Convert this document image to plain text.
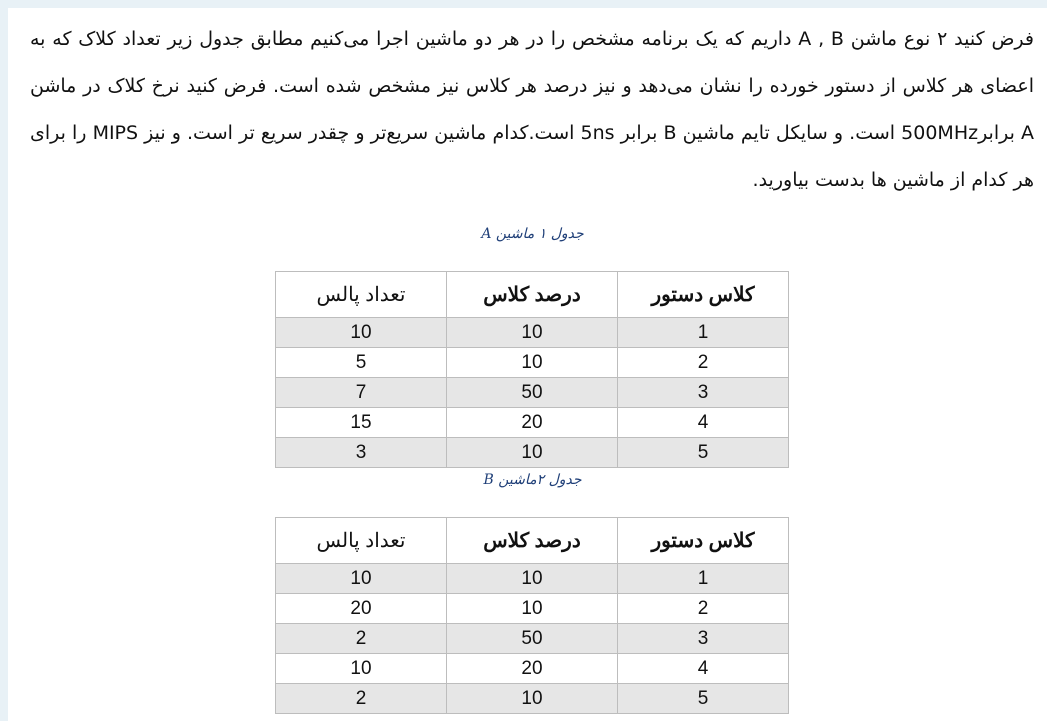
فرض کنید ۲ نوع ماشن A , B داریم که یک برنامه مشخص را در هر دو ماشین اجرا می‌کنیم مطابق جدول زیر تعداد کلاک که به اعضای هر کلاس از دستور خورده را نشان می‌دهد و نیز درصد هر کلاس نیز مشخص شده است. فرض کنید نرخ کلاک در ماشن A برابر500MHz است. و سایکل تایم ماشین B برابر 5ns است.کدام ماشین سریع‌تر و چقدر سریع تر است. و نیز MIPS را برای هر کدام از ماشین ها بدست بیاورید.

جدول ۱ ماشین A
کلاس دستور	درصد کلاس	تعداد پالس
1	10	10
2	10	5
3	50	7
4	20	15
5	10	3
جدول ۲ماشین B
کلاس دستور	درصد کلاس	تعداد پالس
1	10	10
2	10	20
3	50	2
4	20	10
5	10	2
